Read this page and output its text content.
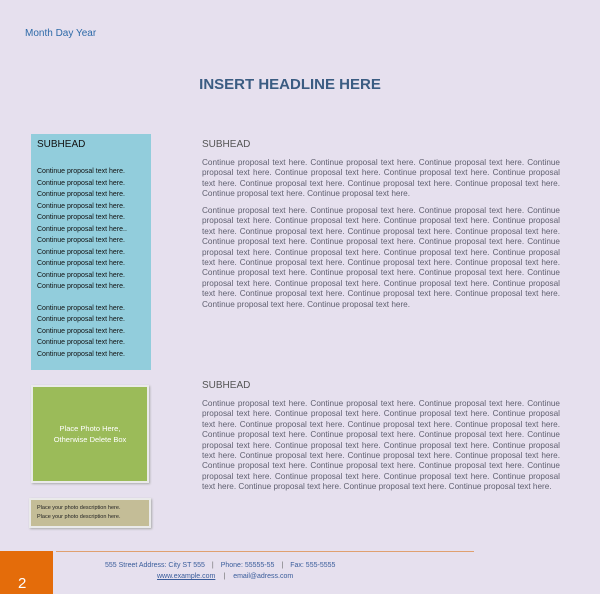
Month Day Year
INSERT HEADLINE HERE
SUBHEAD
Continue proposal text here.
Continue proposal text here.
Continue proposal text here.
Continue proposal text here.
Continue proposal text here.
Continue proposal text here..
Continue proposal text here.
Continue proposal text here.
Continue proposal text here.
Continue proposal text here.
Continue proposal text here.
Continue proposal text here.
Continue proposal text here.
Continue proposal text here.
Continue proposal text here.
Continue proposal text here.
Place Photo Here,
Otherwise Delete Box
Place your photo description here.
Place your photo description here.
SUBHEAD
Continue proposal text here. Continue proposal text here. Continue proposal text here. Continue proposal text here. Continue proposal text here. Continue proposal text here. Continue proposal text here. Continue proposal text here. Continue proposal text here. Continue proposal text here. Continue proposal text here. Continue proposal text here.
Continue proposal text here. Continue proposal text here. Continue proposal text here. Continue proposal text here. Continue proposal text here. Continue proposal text here. Continue proposal text here. Continue proposal text here. Continue proposal text here. Continue proposal text here. Continue proposal text here. Continue proposal text here. Continue proposal text here. Continue proposal text here. Continue proposal text here. Continue proposal text here. Continue proposal text here. Continue proposal text here. Continue proposal text here. Continue proposal text here. Continue proposal text here. Continue proposal text here. Continue proposal text here. Continue proposal text here. Continue proposal text here. Continue proposal text here. Continue proposal text here. Continue proposal text here. Continue proposal text here. Continue proposal text here. Continue proposal text here. Continue proposal text here.
SUBHEAD
Continue proposal text here. Continue proposal text here. Continue proposal text here. Continue proposal text here. Continue proposal text here. Continue proposal text here. Continue proposal text here. Continue proposal text here. Continue proposal text here. Continue proposal text here. Continue proposal text here. Continue proposal text here. Continue proposal text here. Continue proposal text here. Continue proposal text here. Continue proposal text here. Continue proposal text here. Continue proposal text here. Continue proposal text here. Continue proposal text here. Continue proposal text here. Continue proposal text here. Continue proposal text here. Continue proposal text here. Continue proposal text here. Continue proposal text here. Continue proposal text here. Continue proposal text here. Continue proposal text here. Continue proposal text here.
2
555 Street Address: City ST 555 | Phone: 55555-55 | Fax: 555-5555
www.example.com | email@adress.com
